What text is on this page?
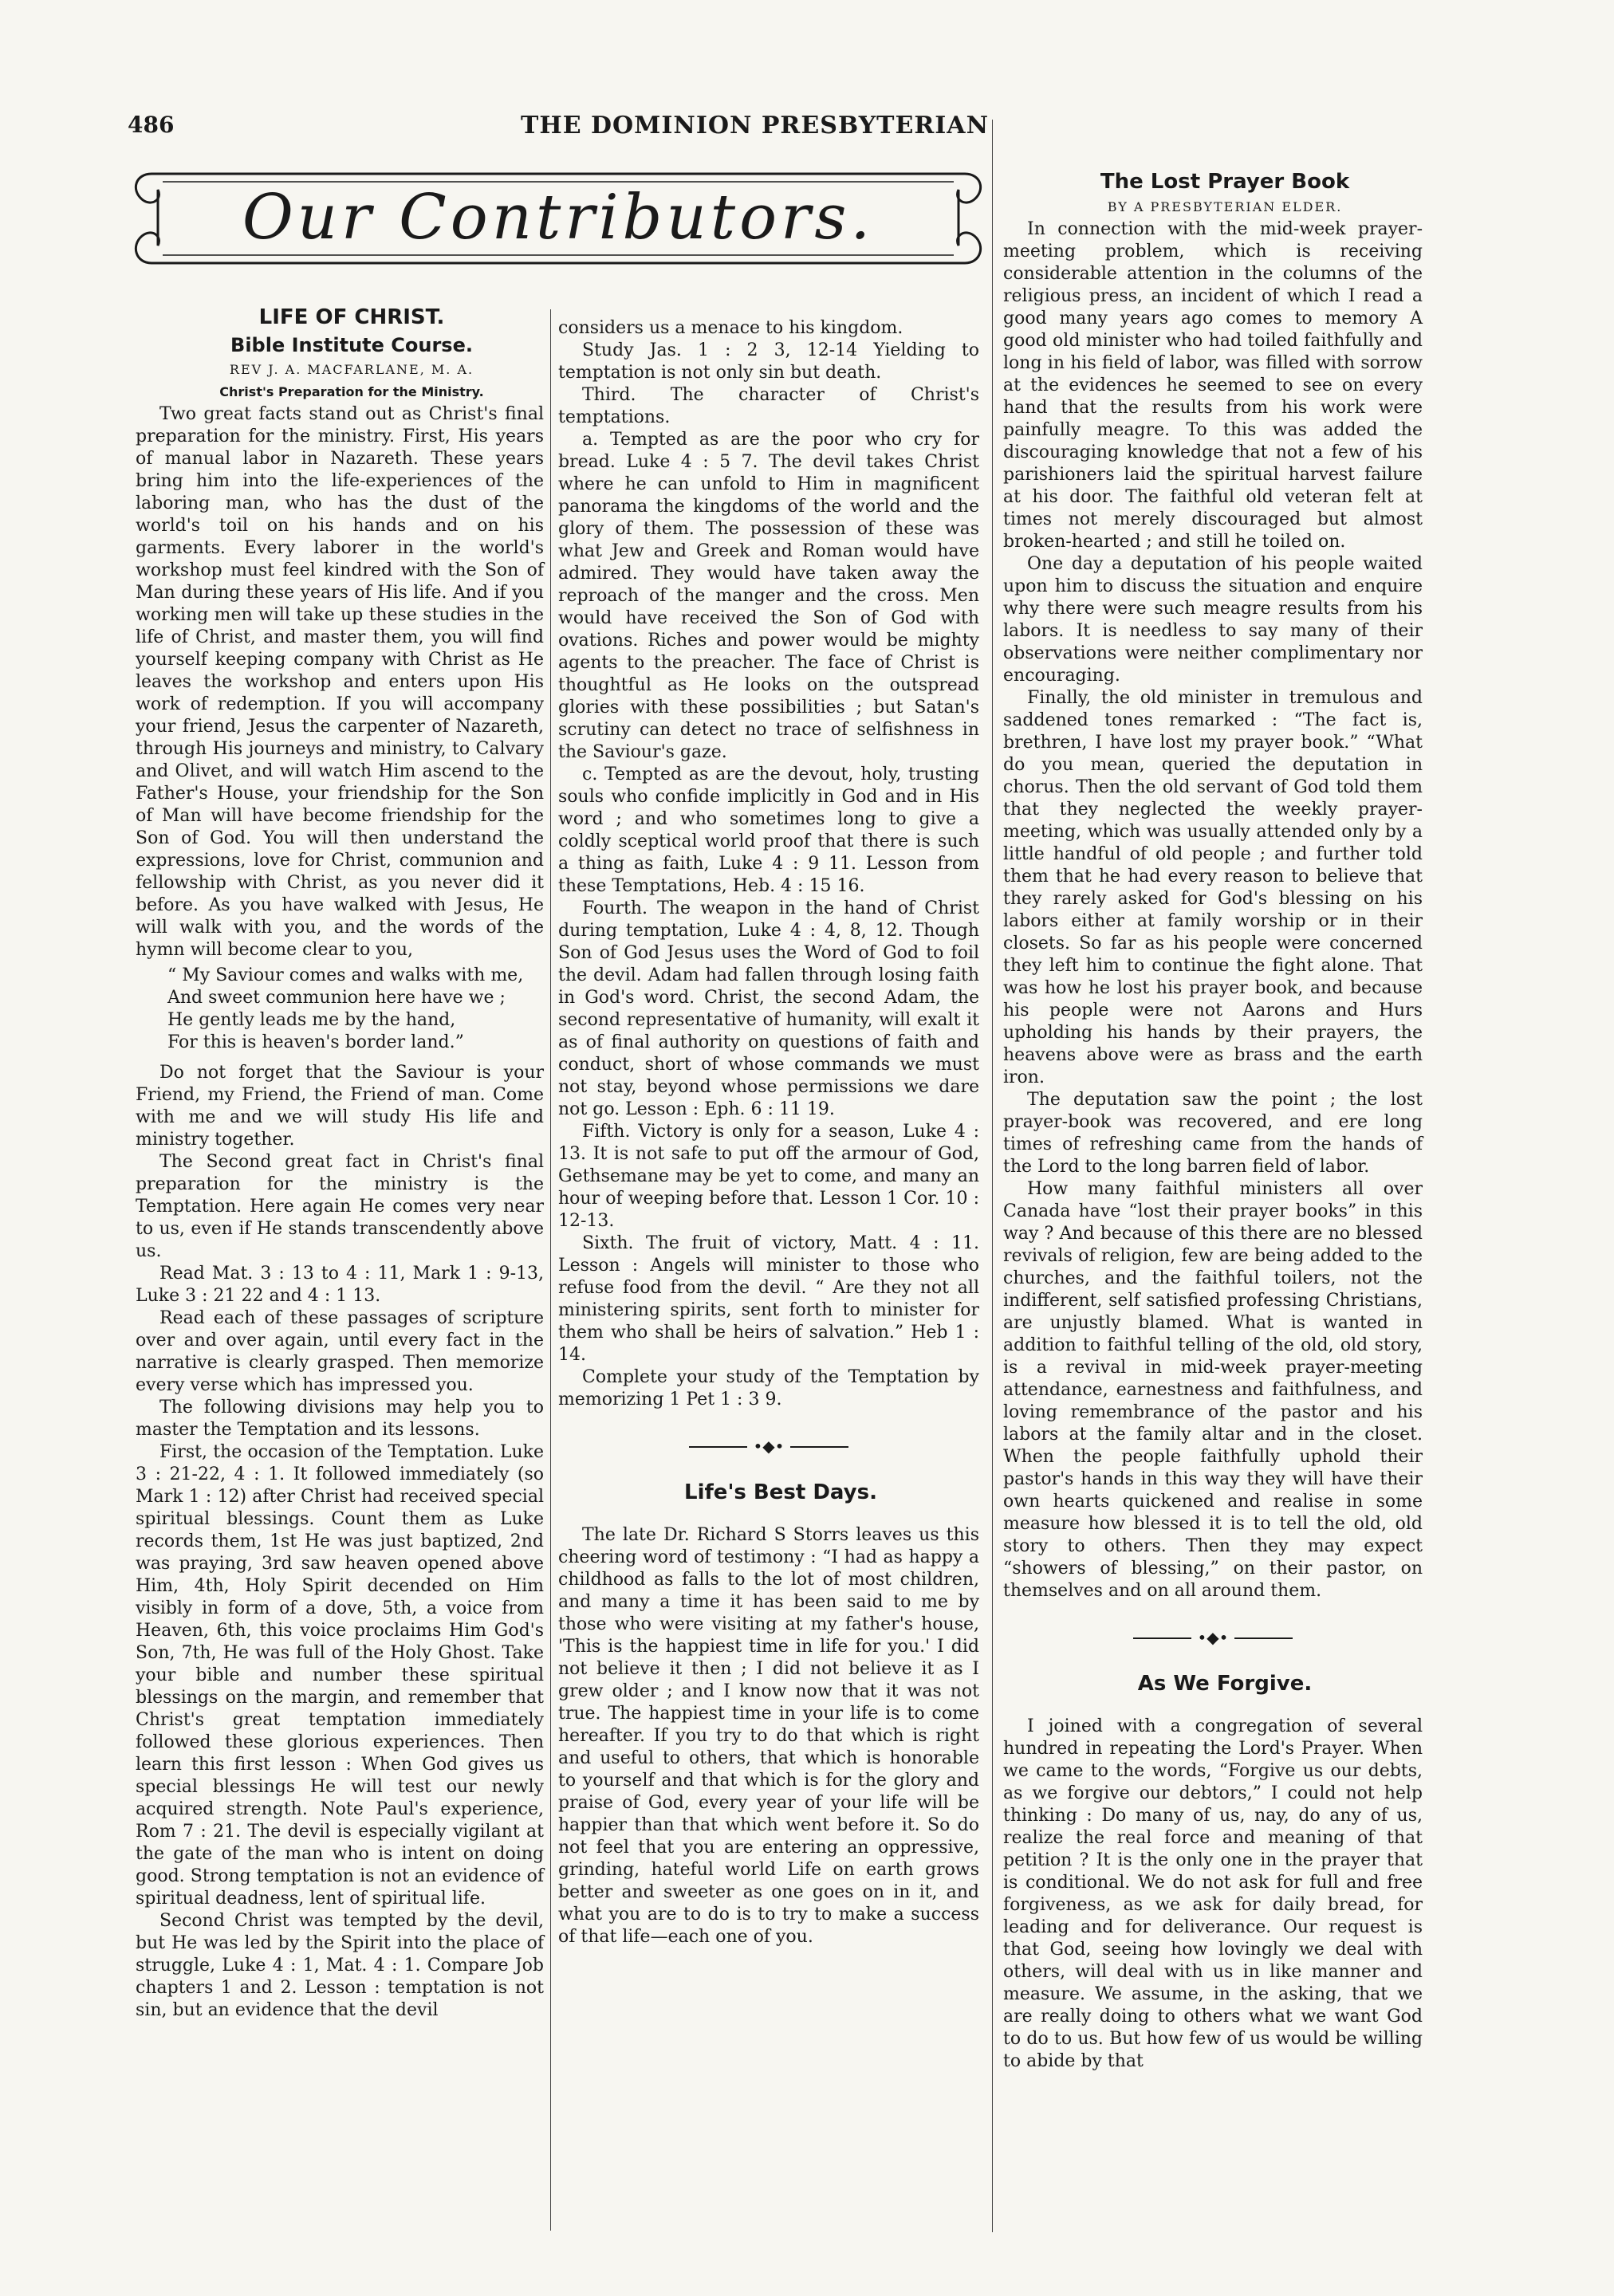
486	THE DOMINION PRESBYTERIAN
Our Contributors.

LIFE OF CHRIST.

Bible Institute Course.

REV J. A. MACFARLANE, M. A.

Christ's Preparation for the Ministry.

Two great facts stand out as Christ's final preparation for the ministry. First, His years of manual labor in Nazareth. These years bring him into the life-experiences of the laboring man, who has the dust of the world's toil on his hands and on his garments. Every laborer in the world's workshop must feel kindred with the Son of Man during these years of His life. And if you working men will take up these studies in the life of Christ, and master them, you will find yourself keeping company with Christ as He leaves the workshop and enters upon His work of redemption. If you will accompany your friend, Jesus the carpenter of Nazareth, through His journeys and ministry, to Calvary and Olivet, and will watch Him ascend to the Father's House, your friendship for the Son of Man will have become friendship for the Son of God. You will then understand the expressions, love for Christ, communion and fellowship with Christ, as you never did it before. As you have walked with Jesus, He will walk with you, and the words of the hymn will become clear to you,

“ My Saviour comes and walks with me,
And sweet communion here have we ;
He gently leads me by the hand,
For this is heaven's border land.”

Do not forget that the Saviour is your Friend, my Friend, the Friend of man. Come with me and we will study His life and ministry together.

The Second great fact in Christ's final preparation for the ministry is the Temptation. Here again He comes very near to us, even if He stands transcendently above us.

Read Mat. 3 : 13 to 4 : 11, Mark 1 : 9-13, Luke 3 : 21 22 and 4 : 1 13.

Read each of these passages of scripture over and over again, until every fact in the narrative is clearly grasped. Then memorize every verse which has impressed you.

The following divisions may help you to master the Temptation and its lessons.

First, the occasion of the Temptation. Luke 3 : 21-22, 4 : 1. It followed immediately (so Mark 1 : 12) after Christ had received special spiritual blessings. Count them as Luke records them, 1st He was just baptized, 2nd was praying, 3rd saw heaven opened above Him, 4th, Holy Spirit decended on Him visibly in form of a dove, 5th, a voice from Heaven, 6th, this voice proclaims Him God's Son, 7th, He was full of the Holy Ghost. Take your bible and number these spiritual blessings on the margin, and remember that Christ's great temptation immediately followed these glorious experiences. Then learn this first lesson : When God gives us special blessings He will test our newly acquired strength. Note Paul's experience, Rom 7 : 21. The devil is especially vigilant at the gate of the man who is intent on doing good. Strong temptation is not an evidence of spiritual deadness, lent of spiritual life.

Second Christ was tempted by the devil, but He was led by the Spirit into the place of struggle, Luke 4 : 1, Mat. 4 : 1. Compare Job chapters 1 and 2. Lesson : temptation is not sin, but an evidence that the devil

considers us a menace to his kingdom.

Study Jas. 1 : 2 3, 12-14 Yielding to temptation is not only sin but death.

Third. The character of Christ's temptations.

a. Tempted as are the poor who cry for bread. Luke 4 : 5 7. The devil takes Christ where he can unfold to Him in magnificent panorama the kingdoms of the world and the glory of them. The possession of these was what Jew and Greek and Roman would have admired. They would have taken away the reproach of the manger and the cross. Men would have received the Son of God with ovations. Riches and power would be mighty agents to the preacher. The face of Christ is thoughtful as He looks on the outspread glories with these possibilities ; but Satan's scrutiny can detect no trace of selfishness in the Saviour's gaze.

c. Tempted as are the devout, holy, trusting souls who confide implicitly in God and in His word ; and who sometimes long to give a coldly sceptical world proof that there is such a thing as faith, Luke 4 : 9 11. Lesson from these Temptations, Heb. 4 : 15 16.

Fourth. The weapon in the hand of Christ during temptation, Luke 4 : 4, 8, 12. Though Son of God Jesus uses the Word of God to foil the devil. Adam had fallen through losing faith in God's word. Christ, the second Adam, the second representative of humanity, will exalt it as of final authority on questions of faith and conduct, short of whose commands we must not stay, beyond whose permissions we dare not go. Lesson : Eph. 6 : 11 19.

Fifth. Victory is only for a season, Luke 4 : 13. It is not safe to put off the armour of God, Gethsemane may be yet to come, and many an hour of weeping before that. Lesson 1 Cor. 10 : 12-13.

Sixth. The fruit of victory, Matt. 4 : 11. Lesson : Angels will minister to those who refuse food from the devil. “ Are they not all ministering spirits, sent forth to minister for them who shall be heirs of salvation.” Heb 1 : 14.

Complete your study of the Temptation by memorizing 1 Pet 1 : 3 9.

•◆•

Life's Best Days.

The late Dr. Richard S Storrs leaves us this cheering word of testimony : “I had as happy a childhood as falls to the lot of most children, and many a time it has been said to me by those who were visiting at my father's house, 'This is the happiest time in life for you.' I did not believe it then ; I did not believe it as I grew older ; and I know now that it was not true. The happiest time in your life is to come hereafter. If you try to do that which is right and useful to others, that which is honorable to yourself and that which is for the glory and praise of God, every year of your life will be happier than that which went before it. So do not feel that you are entering an oppressive, grinding, hateful world Life on earth grows better and sweeter as one goes on in it, and what you are to do is to try to make a success of that life—each one of you.

The Lost Prayer Book

BY A PRESBYTERIAN ELDER.

In connection with the mid-week prayer-meeting problem, which is receiving considerable attention in the columns of the religious press, an incident of which I read a good many years ago comes to memory A good old minister who had toiled faithfully and long in his field of labor, was filled with sorrow at the evidences he seemed to see on every hand that the results from his work were painfully meagre. To this was added the discouraging knowledge that not a few of his parishioners laid the spiritual harvest failure at his door. The faithful old veteran felt at times not merely discouraged but almost broken-hearted ; and still he toiled on.

One day a deputation of his people waited upon him to discuss the situation and enquire why there were such meagre results from his labors. It is needless to say many of their observations were neither complimentary nor encouraging.

Finally, the old minister in tremulous and saddened tones remarked : “The fact is, brethren, I have lost my prayer book.” “What do you mean, queried the deputation in chorus. Then the old servant of God told them that they neglected the weekly prayer-meeting, which was usually attended only by a little handful of old people ; and further told them that he had every reason to believe that they rarely asked for God's blessing on his labors either at family worship or in their closets. So far as his people were concerned they left him to continue the fight alone. That was how he lost his prayer book, and because his people were not Aarons and Hurs upholding his hands by their prayers, the heavens above were as brass and the earth iron.

The deputation saw the point ; the lost prayer-book was recovered, and ere long times of refreshing came from the hands of the Lord to the long barren field of labor.

How many faithful ministers all over Canada have “lost their prayer books” in this way ? And because of this there are no blessed revivals of religion, few are being added to the churches, and the faithful toilers, not the indifferent, self satisfied professing Christians, are unjustly blamed. What is wanted in addition to faithful telling of the old, old story, is a revival in mid-week prayer-meeting attendance, earnestness and faithfulness, and loving remembrance of the pastor and his labors at the family altar and in the closet. When the people faithfully uphold their pastor's hands in this way they will have their own hearts quickened and realise in some measure how blessed it is to tell the old, old story to others. Then they may expect “showers of blessing,” on their pastor, on themselves and on all around them.

•◆•

As We Forgive.

I joined with a congregation of several hundred in repeating the Lord's Prayer. When we came to the words, “Forgive us our debts, as we forgive our debtors,” I could not help thinking : Do many of us, nay, do any of us, realize the real force and meaning of that petition ? It is the only one in the prayer that is conditional. We do not ask for full and free forgiveness, as we ask for daily bread, for leading and for deliverance. Our request is that God, seeing how lovingly we deal with others, will deal with us in like manner and measure. We assume, in the asking, that we are really doing to others what we want God to do to us. But how few of us would be willing to abide by that
